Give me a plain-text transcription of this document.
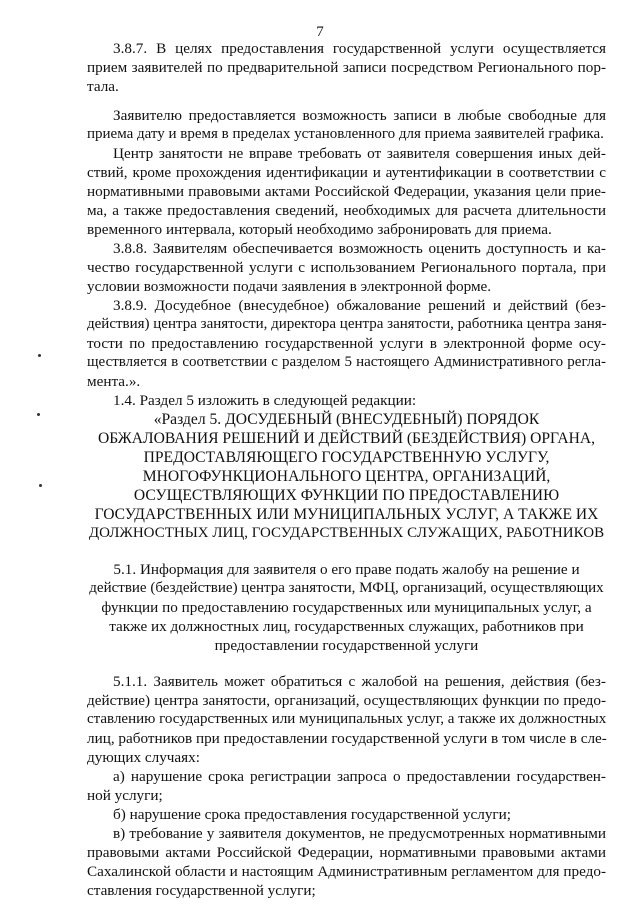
7
3.8.7. В целях предоставления государственной услуги осуществляется
прием заявителей по предварительной записи посредством Регионального пор-
тала.
Заявителю предоставляется возможность записи в любые свободные для
приема дату и время в пределах установленного для приема заявителей графика.
Центр занятости не вправе требовать от заявителя совершения иных дей-
ствий, кроме прохождения идентификации и аутентификации в соответствии с
нормативными правовыми актами Российской Федерации, указания цели прие-
ма, а также предоставления сведений, необходимых для расчета длительности
временного интервала, который необходимо забронировать для приема.
3.8.8. Заявителям обеспечивается возможность оценить доступность и ка-
чество государственной услуги с использованием Регионального портала, при
условии возможности подачи заявления в электронной форме.
3.8.9. Досудебное (внесудебное) обжалование решений и действий (без-
действия) центра занятости, директора центра занятости, работника центра заня-
тости по предоставлению государственной услуги в электронной форме осу-
ществляется в соответствии с разделом 5 настоящего Административного регла-
мента.».
1.4. Раздел 5 изложить в следующей редакции:
«Раздел 5. ДОСУДЕБНЫЙ (ВНЕСУДЕБНЫЙ) ПОРЯДОК
ОБЖАЛОВАНИЯ РЕШЕНИЙ И ДЕЙСТВИЙ (БЕЗДЕЙСТВИЯ) ОРГАНА,
ПРЕДОСТАВЛЯЮЩЕГО ГОСУДАРСТВЕННУЮ УСЛУГУ,
МНОГОФУНКЦИОНАЛЬНОГО ЦЕНТРА, ОРГАНИЗАЦИЙ,
ОСУЩЕСТВЛЯЮЩИХ ФУНКЦИИ ПО ПРЕДОСТАВЛЕНИЮ
ГОСУДАРСТВЕННЫХ ИЛИ МУНИЦИПАЛЬНЫХ УСЛУГ, А ТАКЖЕ ИХ
ДОЛЖНОСТНЫХ ЛИЦ, ГОСУДАРСТВЕННЫХ СЛУЖАЩИХ, РАБОТНИКОВ
5.1. Информация для заявителя о его праве подать жалобу на решение и
действие (бездействие) центра занятости, МФЦ, организаций, осуществляющих
функции по предоставлению государственных или муниципальных услуг, а
также их должностных лиц, государственных служащих, работников при
предоставлении государственной услуги
5.1.1. Заявитель может обратиться с жалобой на решения, действия (без-
действие) центра занятости, организаций, осуществляющих функции по предо-
ставлению государственных или муниципальных услуг, а также их должностных
лиц, работников при предоставлении государственной услуги в том числе в сле-
дующих случаях:
а) нарушение срока регистрации запроса о предоставлении государствен-
ной услуги;
б) нарушение срока предоставления государственной услуги;
в) требование у заявителя документов, не предусмотренных нормативными
правовыми актами Российской Федерации, нормативными правовыми актами
Сахалинской области и настоящим Административным регламентом для предо-
ставления государственной услуги;
